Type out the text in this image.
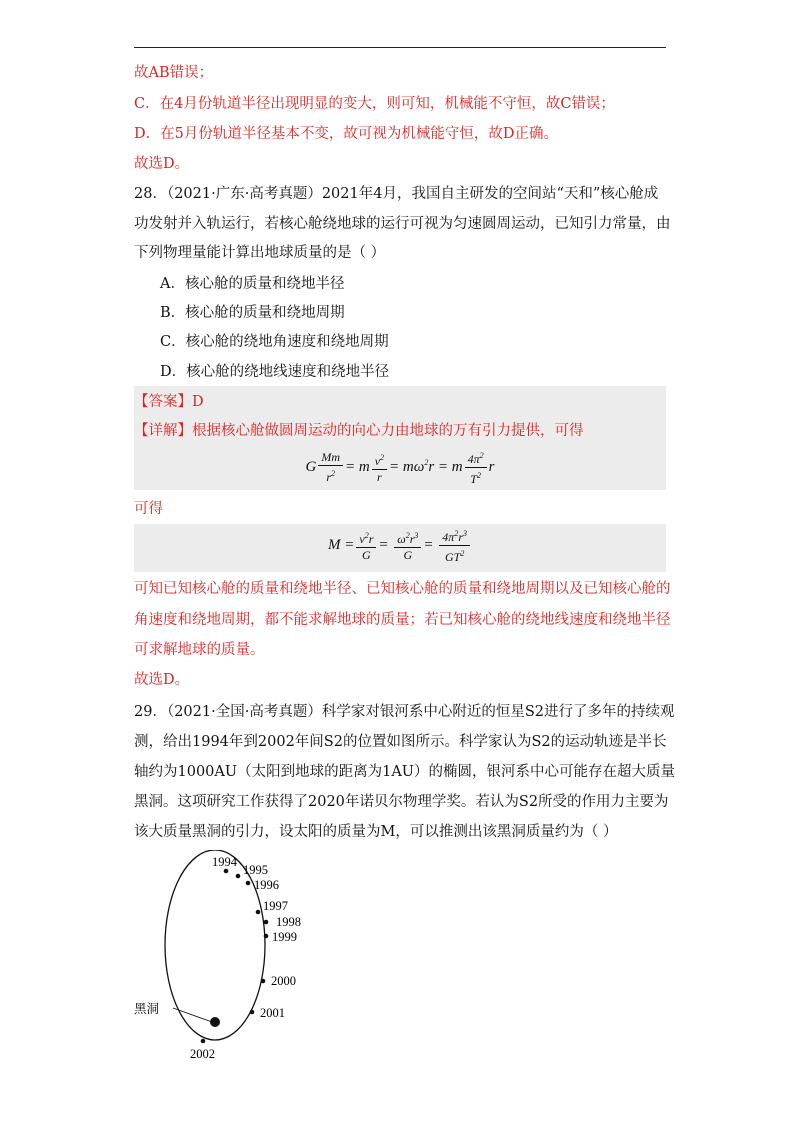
故AB错误；
C．在4月份轨道半径出现明显的变大，则可知，机械能不守恒，故C错误；
D．在5月份轨道半径基本不变，故可视为机械能守恒，故D正确。
故选D。
28．（2021·广东·高考真题）2021年4月，我国自主研发的空间站“天和”核心舱成
功发射并入轨运行，若核心舱绕地球的运行可视为匀速圆周运动，已知引力常量，由
下列物理量能计算出地球质量的是（ ）
A．核心舱的质量和绕地半径
B．核心舱的质量和绕地周期
C．核心舱的绕地角速度和绕地周期
D．核心舱的绕地线速度和绕地半径
【答案】D
【详解】根据核心舱做圆周运动的向心力由地球的万有引力提供，可得
G $\frac{Mm}{r^2} = m \frac{v^2}{r} = m\omega^2r = m \frac{4\pi^2}{T^2}$ r
可得
$M = \frac{v^2r}{G} = \frac{\omega^2r^3}{G} = \frac{4\pi^2r^3}{GT^2}$
可知已知核心舱的质量和绕地半径、已知核心舱的质量和绕地周期以及已知核心舱的
角速度和绕地周期，都不能求解地球的质量；若已知核心舱的绕地线速度和绕地半径
可求解地球的质量。
故选D。
29．（2021·全国·高考真题）科学家对银河系中心附近的恒星S2进行了多年的持续观
测，给出1994年到2002年间S2的位置如图所示。科学家认为S2的运动轨迹是半长
轴约为1000AU（太阳到地球的距离为1AU）的椭圆，银河系中心可能存在超大质量
黑洞。这项研究工作获得了2020年诺贝尔物理学奖。若认为S2所受的作用力主要为
该大质量黑洞的引力，设太阳的质量为M，可以推测出该黑洞质量约为（ ）
黑洞
1994
1995
1996
1997
1998
1999
2000
2001
2002
